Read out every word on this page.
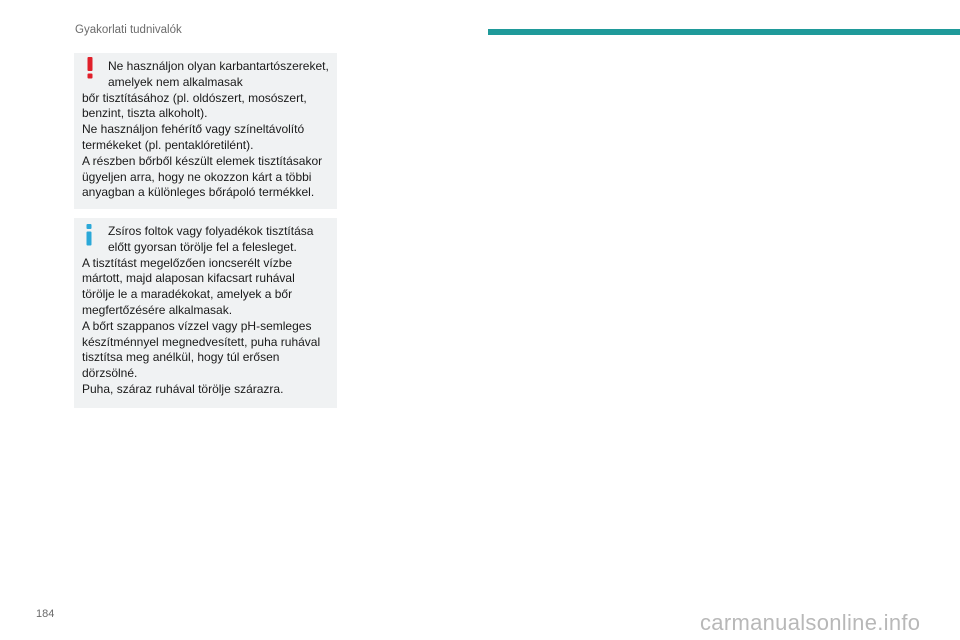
Gyakorlati tudnivalók

Ne használjon olyan karbantartószereket,

amelyek nem alkalmasak

bőr tisztításához (pl. oldószert, mosószert,

benzint, tiszta alkoholt).

Ne használjon fehérítő vagy színeltávolító

termékeket (pl. pentaklóretilént).

A részben bőrből készült elemek tisztításakor

ügyeljen arra, hogy ne okozzon kárt a többi

anyagban a különleges bőrápoló termékkel.

Zsíros foltok vagy folyadékok tisztítása

előtt gyorsan törölje fel a felesleget.

A tisztítást megelőzően ioncserélt vízbe

mártott, majd alaposan kifacsart ruhával

törölje le a maradékokat, amelyek a bőr

megfertőzésére alkalmasak.

A bőrt szappanos vízzel vagy pH-semleges

készítménnyel megnedvesített, puha ruhával

tisztítsa meg anélkül, hogy túl erősen

dörzsölné.

Puha, száraz ruhával törölje szárazra.

184	carmanualsonline.info
